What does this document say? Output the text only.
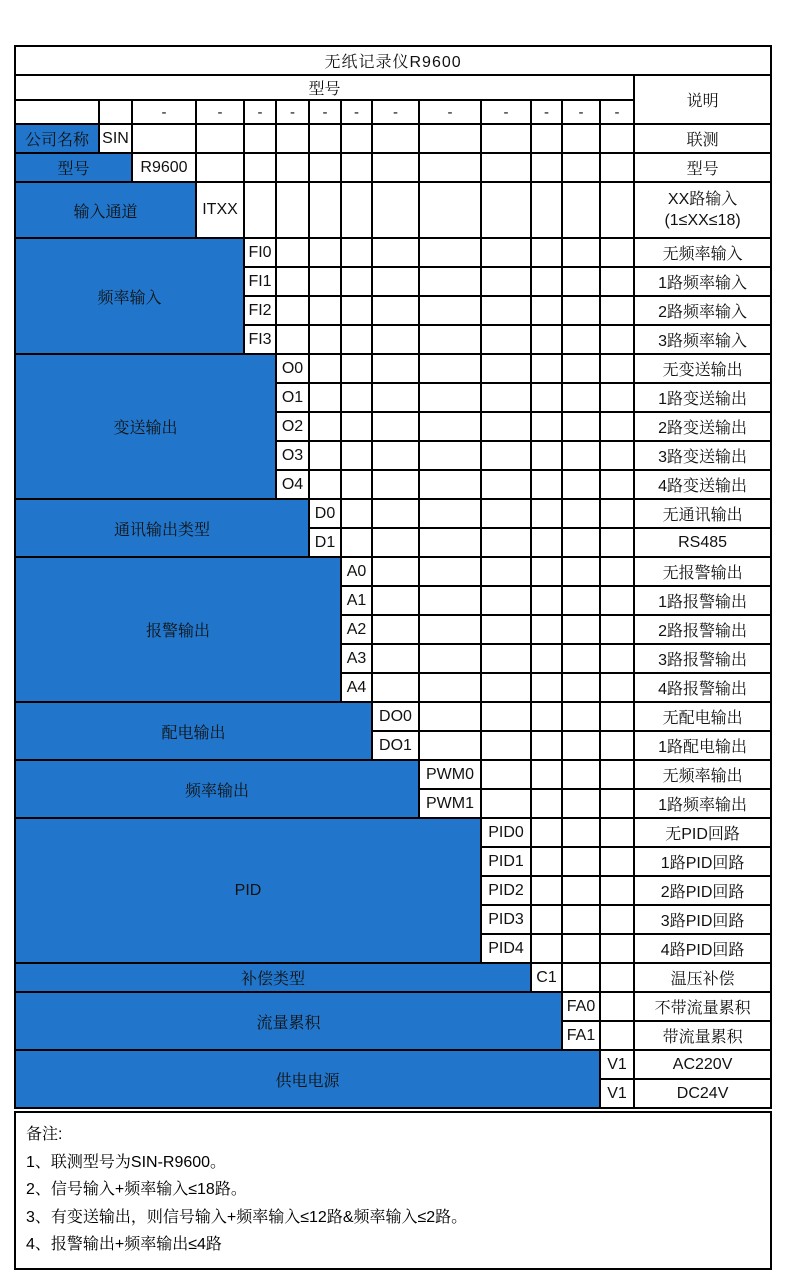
无纸记录仪R9600														
型号														说明
		-	-	-	-	-	-	-	-	-	-	-	-	
公司名称	SIN													联测
型号		R9600												型号
输入通道			ITXX											XX路输入
(1≤XX≤18)

频率输入				FI0										无频率输入
				FI1										1路频率输入
				FI2										2路频率输入
				FI3										3路频率输入
变送输出					O0									无变送输出
					O1									1路变送输出
					O2									2路变送输出
					O3									3路变送输出
					O4									4路变送输出
通讯输出类型						D0								无通讯输出
						D1								RS485
报警输出							A0							无报警输出
							A1							1路报警输出
							A2							2路报警输出
							A3							3路报警输出
							A4							4路报警输出
配电输出								DO0						无配电输出
								DO1						1路配电输出
频率输出									PWM0					无频率输出
									PWM1					1路频率输出
PID										PID0				无PID回路
										PID1				1路PID回路
										PID2				2路PID回路
										PID3				3路PID回路
										PID4				4路PID回路
补偿类型											C1			温压补偿
流量累积												FA0		不带流量累积
												FA1		带流量累积
供电电源													V1	AC220V
													V1	DC24V
备注:
1、联测型号为SIN-R9600。
2、信号输入+频率输入≤18路。
3、有变送输出，则信号输入+频率输入≤12路&频率输入≤2路。
4、报警输出+频率输出≤4路
